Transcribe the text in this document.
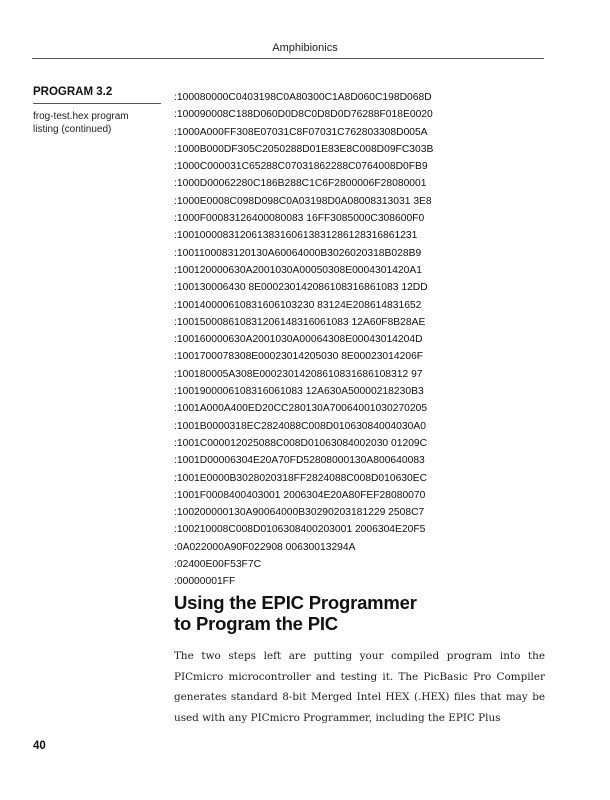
Amphibionics
PROGRAM 3.2
frog-test.hex program listing (continued)
:100080000C0403198C0A80300C1A8D060C198D068D
:100090008C188D060D0D8C0D8D0D76288F018E0020
:1000A000FF308E07031C8F07031C762803308D005A
:1000B000DF305C2050288D01E83E8C008D09FC303B
:1000C000031C65288C07031862288C0764008D0FB9
:1000D00062280C186B288C1C6F2800006F28080001
:1000E0008C098D098C0A03198D0A08008313031 3E8
:1000F00083126400080083 16FF3085000C308600F0
:100100008312061383160613831286128316861231
:1001100083120130A60064000B3026020318B028B9
:100120000630A2001030A00050308E0004301420A1
:100130006430 8E000230142086108316861083 12DD
:100140000610831606103230 83124E208614831652
:100150008610831206148316061083 12A60F8B28AE
:100160000630A2001030A00064308E00043014204D
:1001700078308E00023014205030 8E00023014206F
:100180005A308E00023014208610831686108312 97
:1001900006108316061083 12A630A50000218230B3
:1001A000A400ED20CC280130A70064001030270205
:1001B0000318EC2824088C008D01063084004030A0
:1001C000012025088C008D01063084002030 01209C
:1001D00006304E20A70FD52808000130A800640083
:1001E0000B3028020318FF2824088C008D010630EC
:1001F0008400403001 2006304E20A80FEF28080070
:100200000130A90064000B30290203181229 2508C7
:100210008C008D0106308400203001 2006304E20F5
:0A022000A90F022908 00630013294A
:02400E00F53F7C
:00000001FF
Using the EPIC Programmer
to Program the PIC

The two steps left are putting your compiled program into the PICmicro microcontroller and testing it. The PicBasic Pro Compiler generates standard 8-bit Merged Intel HEX (.HEX) files that may be used with any PICmicro Programmer, including the EPIC Plus

40
